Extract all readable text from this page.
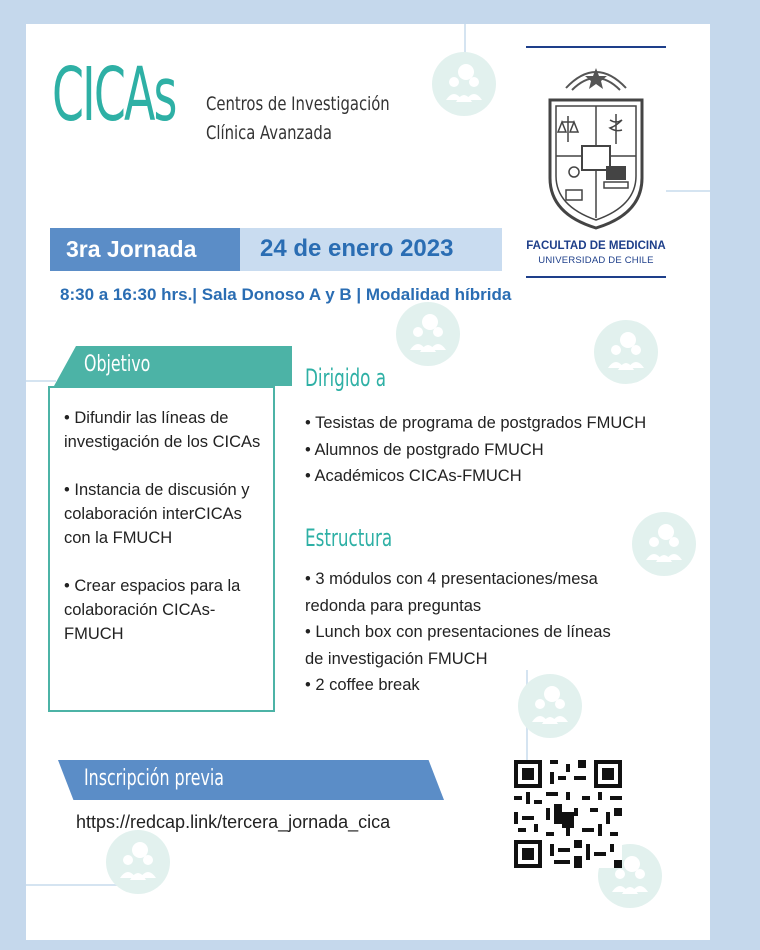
CICAs Centros de Investigación
Clínica Avanzada
FACULTAD DE MEDICINA
UNIVERSIDAD DE CHILE
3ra Jornada	24 de enero 2023
8:30 a 16:30 hrs.| Sala Donoso A y B | Modalidad híbrida
Objetivo
• Difundir las líneas de investigación de los CICAs
• Instancia de discusión y colaboración interCICAs con la FMUCH
• Crear espacios para la colaboración CICAs-FMUCH
Dirigido a
• Tesistas de programa de postgrados FMUCH
• Alumnos de postgrado FMUCH
• Académicos CICAs-FMUCH
Estructura
• 3 módulos con 4 presentaciones/mesa
redonda para preguntas
• Lunch box con presentaciones de líneas
de investigación FMUCH
• 2 coffee break
Inscripción previa
https://redcap.link/tercera_jornada_cica
